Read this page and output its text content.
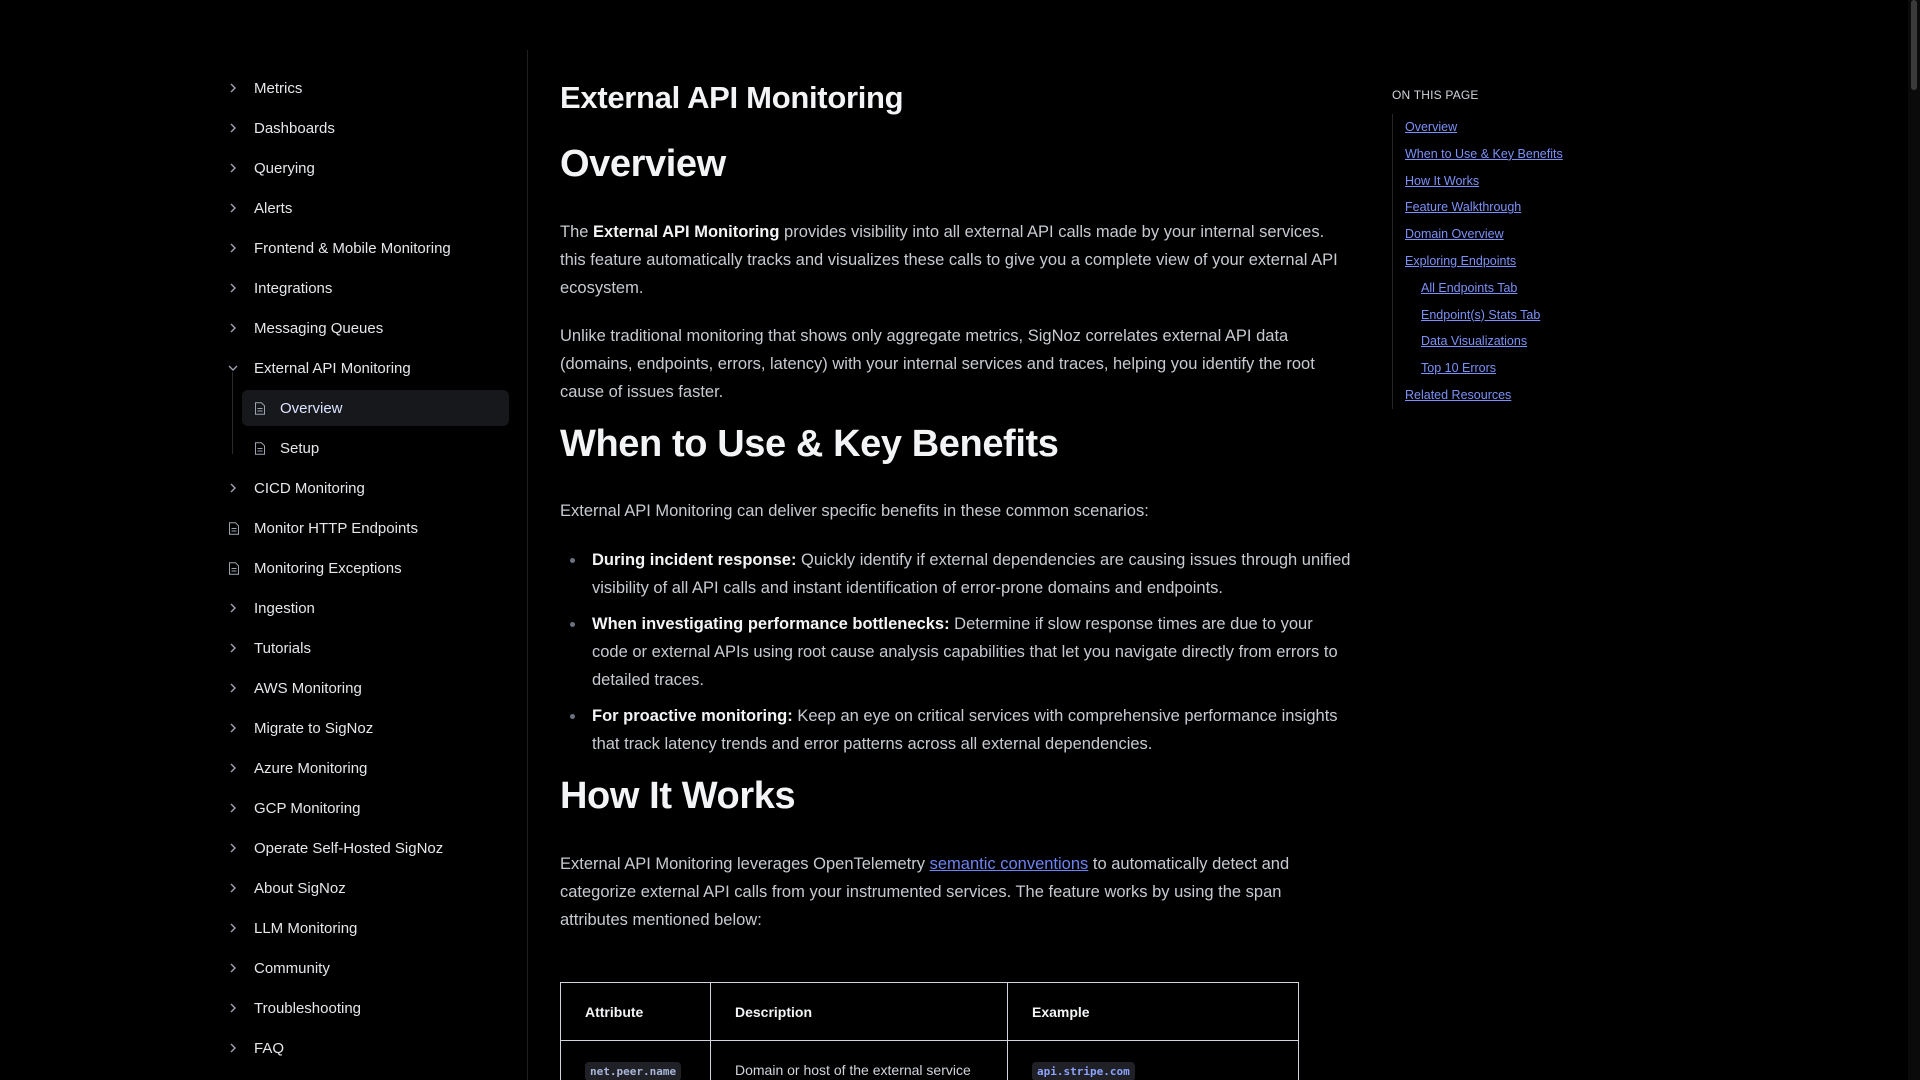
Metrics
Dashboards
Querying
Alerts
Frontend & Mobile Monitoring
Integrations
Messaging Queues
External API Monitoring
Overview
Setup
CICD Monitoring
Monitor HTTP Endpoints
Monitoring Exceptions
Ingestion
Tutorials
AWS Monitoring
Migrate to SigNoz
Azure Monitoring
GCP Monitoring
Operate Self-Hosted SigNoz
About SigNoz
LLM Monitoring
Community
Troubleshooting
FAQ
External API Monitoring
Overview

The External API Monitoring provides visibility into all external API calls made by your internal services. this feature automatically tracks and visualizes these calls to give you a complete view of your external API ecosystem.

Unlike traditional monitoring that shows only aggregate metrics, SigNoz correlates external API data (domains, endpoints, errors, latency) with your internal services and traces, helping you identify the root cause of issues faster.

When to Use & Key Benefits

External API Monitoring can deliver specific benefits in these common scenarios:

During incident response: Quickly identify if external dependencies are causing issues through unified visibility of all API calls and instant identification of error-prone domains and endpoints.
When investigating performance bottlenecks: Determine if slow response times are due to your code or external APIs using root cause analysis capabilities that let you navigate directly from errors to detailed traces.
For proactive monitoring: Keep an eye on critical services with comprehensive performance insights that track latency trends and error patterns across all external dependencies.
How It Works

External API Monitoring leverages OpenTelemetry semantic conventions to automatically detect and categorize external API calls from your instrumented services. The feature works by using the span attributes mentioned below:

Attribute	Description	Example
net.peer.name	Domain or host of the external service	api.stripe.com
ON THIS PAGE
Overview
When to Use & Key Benefits
How It Works
Feature Walkthrough
Domain Overview
Exploring Endpoints
All Endpoints Tab
Endpoint(s) Stats Tab
Data Visualizations
Top 10 Errors
Related Resources
